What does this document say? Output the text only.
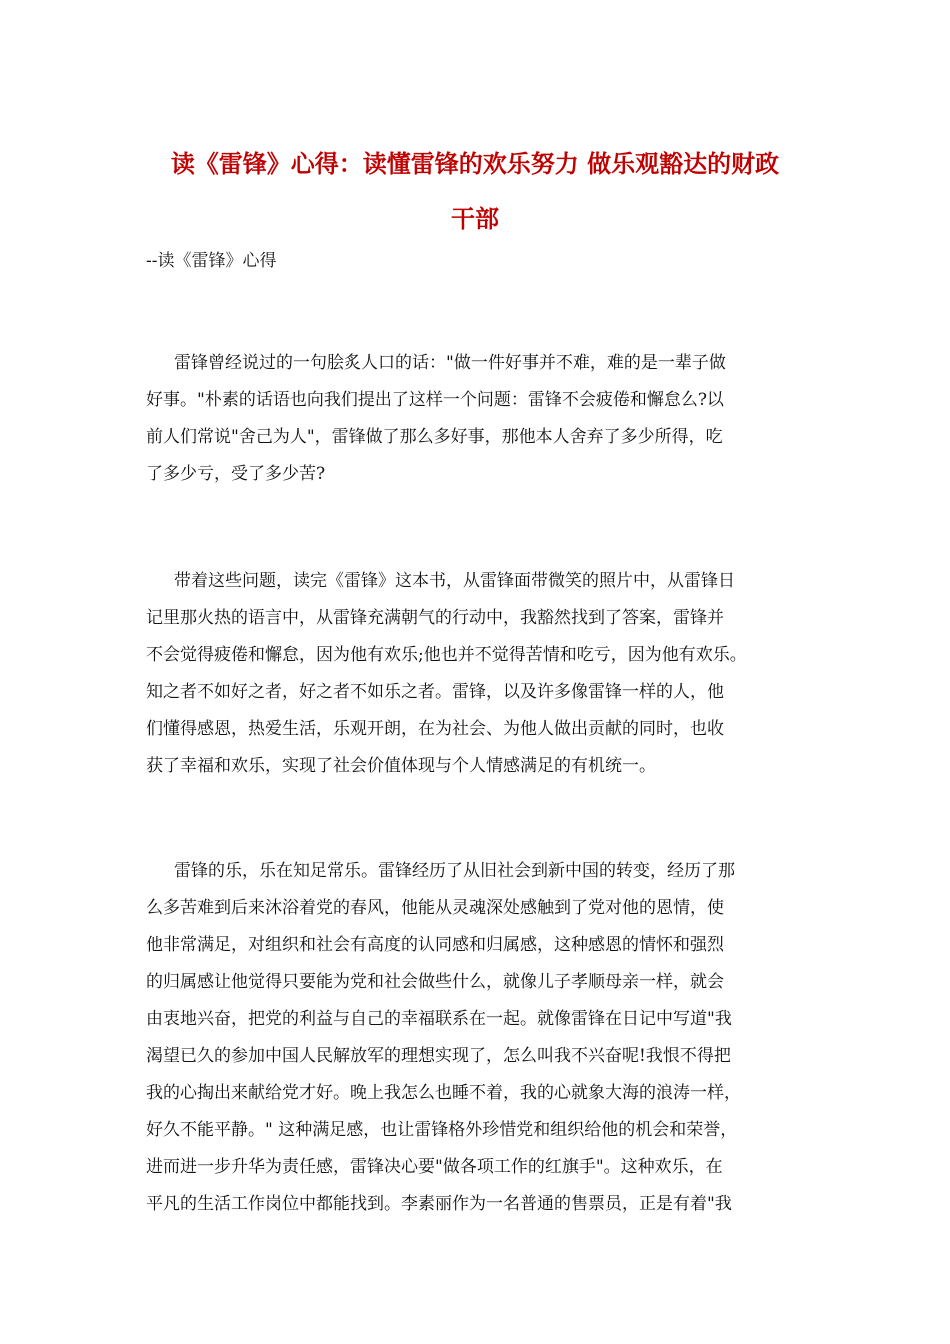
读《雷锋》心得：读懂雷锋的欢乐努力 做乐观豁达的财政
干部
--读《雷锋》心得
雷锋曾经说过的一句脍炙人口的话："做一件好事并不难，难的是一辈子做
好事。"朴素的话语也向我们提出了这样一个问题：雷锋不会疲倦和懈怠么?以
前人们常说"舍己为人"，雷锋做了那么多好事，那他本人舍弃了多少所得，吃
了多少亏，受了多少苦?
带着这些问题，读完《雷锋》这本书，从雷锋面带微笑的照片中，从雷锋日
记里那火热的语言中，从雷锋充满朝气的行动中，我豁然找到了答案，雷锋并
不会觉得疲倦和懈怠，因为他有欢乐;他也并不觉得苦情和吃亏，因为他有欢乐。
知之者不如好之者，好之者不如乐之者。雷锋，以及许多像雷锋一样的人，他
们懂得感恩，热爱生活，乐观开朗，在为社会、为他人做出贡献的同时，也收
获了幸福和欢乐，实现了社会价值体现与个人情感满足的有机统一。
雷锋的乐，乐在知足常乐。雷锋经历了从旧社会到新中国的转变，经历了那
么多苦难到后来沐浴着党的春风，他能从灵魂深处感触到了党对他的恩情，使
他非常满足，对组织和社会有高度的认同感和归属感，这种感恩的情怀和强烈
的归属感让他觉得只要能为党和社会做些什么，就像儿子孝顺母亲一样，就会
由衷地兴奋，把党的利益与自己的幸福联系在一起。就像雷锋在日记中写道"我
渴望已久的参加中国人民解放军的理想实现了，怎么叫我不兴奋呢!我恨不得把
我的心掏出来献给党才好。晚上我怎么也睡不着，我的心就象大海的浪涛一样，
好久不能平静。" 这种满足感，也让雷锋格外珍惜党和组织给他的机会和荣誉，
进而进一步升华为责任感，雷锋决心要"做各项工作的红旗手"。这种欢乐，在
平凡的生活工作岗位中都能找到。李素丽作为一名普通的售票员，正是有着"我
